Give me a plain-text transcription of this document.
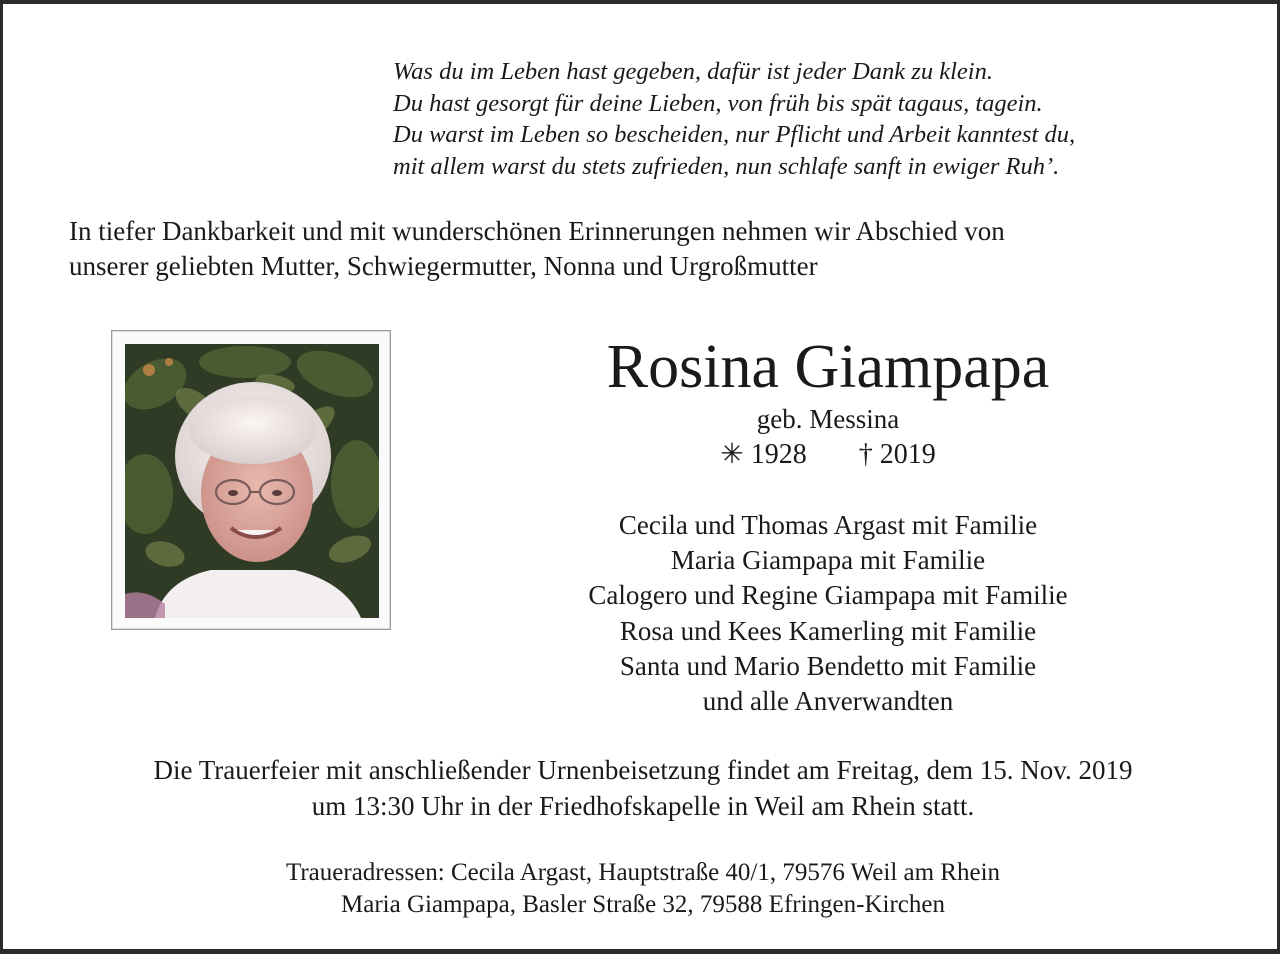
Was du im Leben hast gegeben, dafür ist jeder Dank zu klein.
Du hast gesorgt für deine Lieben, von früh bis spät tagaus, tagein.
Du warst im Leben so bescheiden, nur Pflicht und Arbeit kanntest du,
mit allem warst du stets zufrieden, nun schlafe sanft in ewiger Ruh’.
In tiefer Dankbarkeit und mit wunderschönen Erinnerungen nehmen wir Abschied von
unserer geliebten Mutter, Schwiegermutter, Nonna und Urgroßmutter
Rosina Giampapa
geb. Messina
✳ 1928 † 2019
Cecila und Thomas Argast mit Familie
Maria Giampapa mit Familie
Calogero und Regine Giampapa mit Familie
Rosa und Kees Kamerling mit Familie
Santa und Mario Bendetto mit Familie
und alle Anverwandten
Die Trauerfeier mit anschließender Urnenbeisetzung findet am Freitag, dem 15. Nov. 2019
um 13:30 Uhr in der Friedhofskapelle in Weil am Rhein statt.
Traueradressen: Cecila Argast, Hauptstraße 40/1, 79576 Weil am Rhein
Maria Giampapa, Basler Straße 32, 79588 Efringen-Kirchen
